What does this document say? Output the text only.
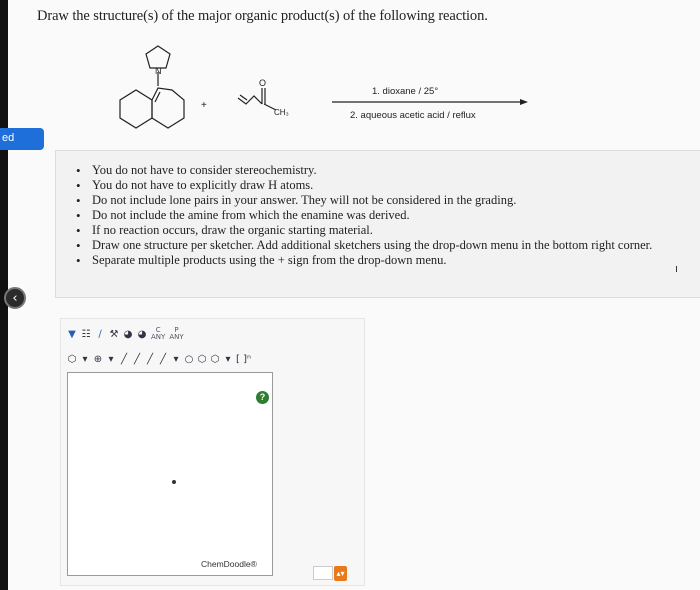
ed
‹
Draw the structure(s) of the major organic product(s) of the following reaction.
N
+
O
CH₃
1. dioxane / 25°
2. aqueous acetic acid / reflux
• You do not have to consider stereochemistry.
• You do not have to explicitly draw H atoms.
• Do not include lone pairs in your answer. They will not be considered in the grading.
• Do not include the amine from which the enamine was derived.
• If no reaction occurs, draw the organic starting material.
• Draw one structure per sketcher. Add additional sketchers using the drop-down menu in the bottom right corner.
• Separate multiple products using the + sign from the drop-down menu.
▼ ☷ ∕ ⚒ ◕ ◕	C
ANY
P
ANY
⬡ ▾ ⊕ ▾ ╱ ╱ ╱ ╱ ▾ ○ ⬡ ⬡ ▾ [ ]ⁿ
?
ChemDoodle®
▴▾
